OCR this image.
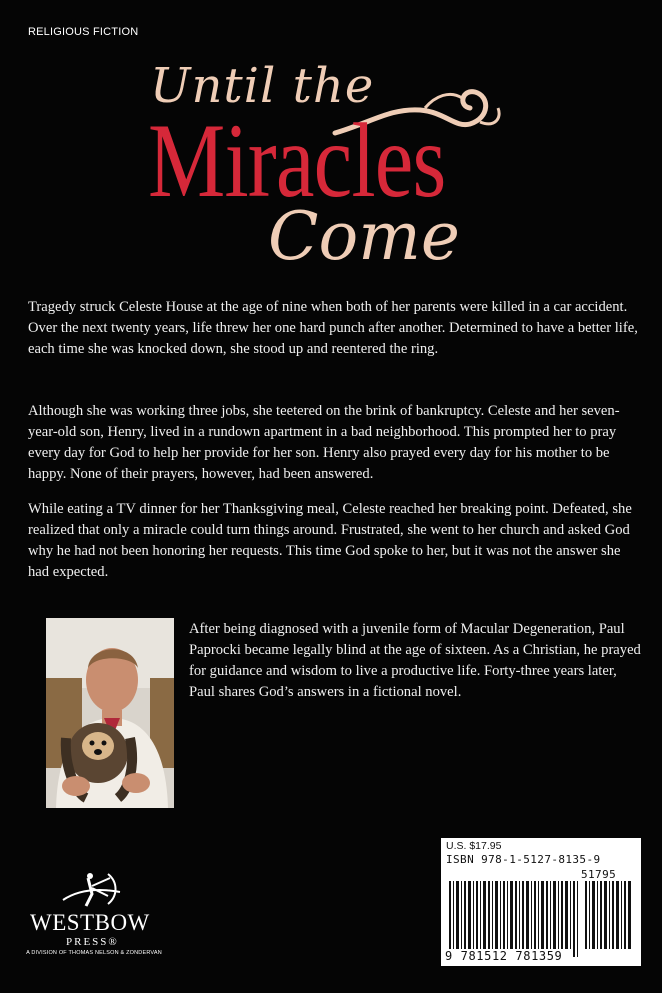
RELIGIOUS FICTION
Until the
Miracles
Come

Tragedy struck Celeste House at the age of nine when both of her parents were killed in a car accident. Over the next twenty years, life threw her one hard punch after another. Determined to have a better life, each time she was knocked down, she stood up and reentered the ring.

Although she was working three jobs, she teetered on the brink of bankruptcy. Celeste and her seven-year-old son, Henry, lived in a rundown apartment in a bad neighborhood. This prompted her to pray every day for God to help her provide for her son. Henry also prayed every day for his mother to be happy. None of their prayers, however, had been answered.

While eating a TV dinner for her Thanksgiving meal, Celeste reached her breaking point. Defeated, she realized that only a miracle could turn things around. Frustrated, she went to her church and asked God why he had not been honoring her requests. This time God spoke to her, but it was not the answer she had expected.

After being diagnosed with a juvenile form of Macular Degeneration, Paul Paprocki became legally blind at the age of sixteen. As a Christian, he prayed for guidance and wisdom to live a productive life. Forty-three years later, Paul shares God’s answers in a fictional novel.

WESTBOW
PRESS®
A DIVISION OF THOMAS NELSON & ZONDERVAN
U.S. $17.95
ISBN 978-1-5127-8135-9
51795
9 781512 781359
